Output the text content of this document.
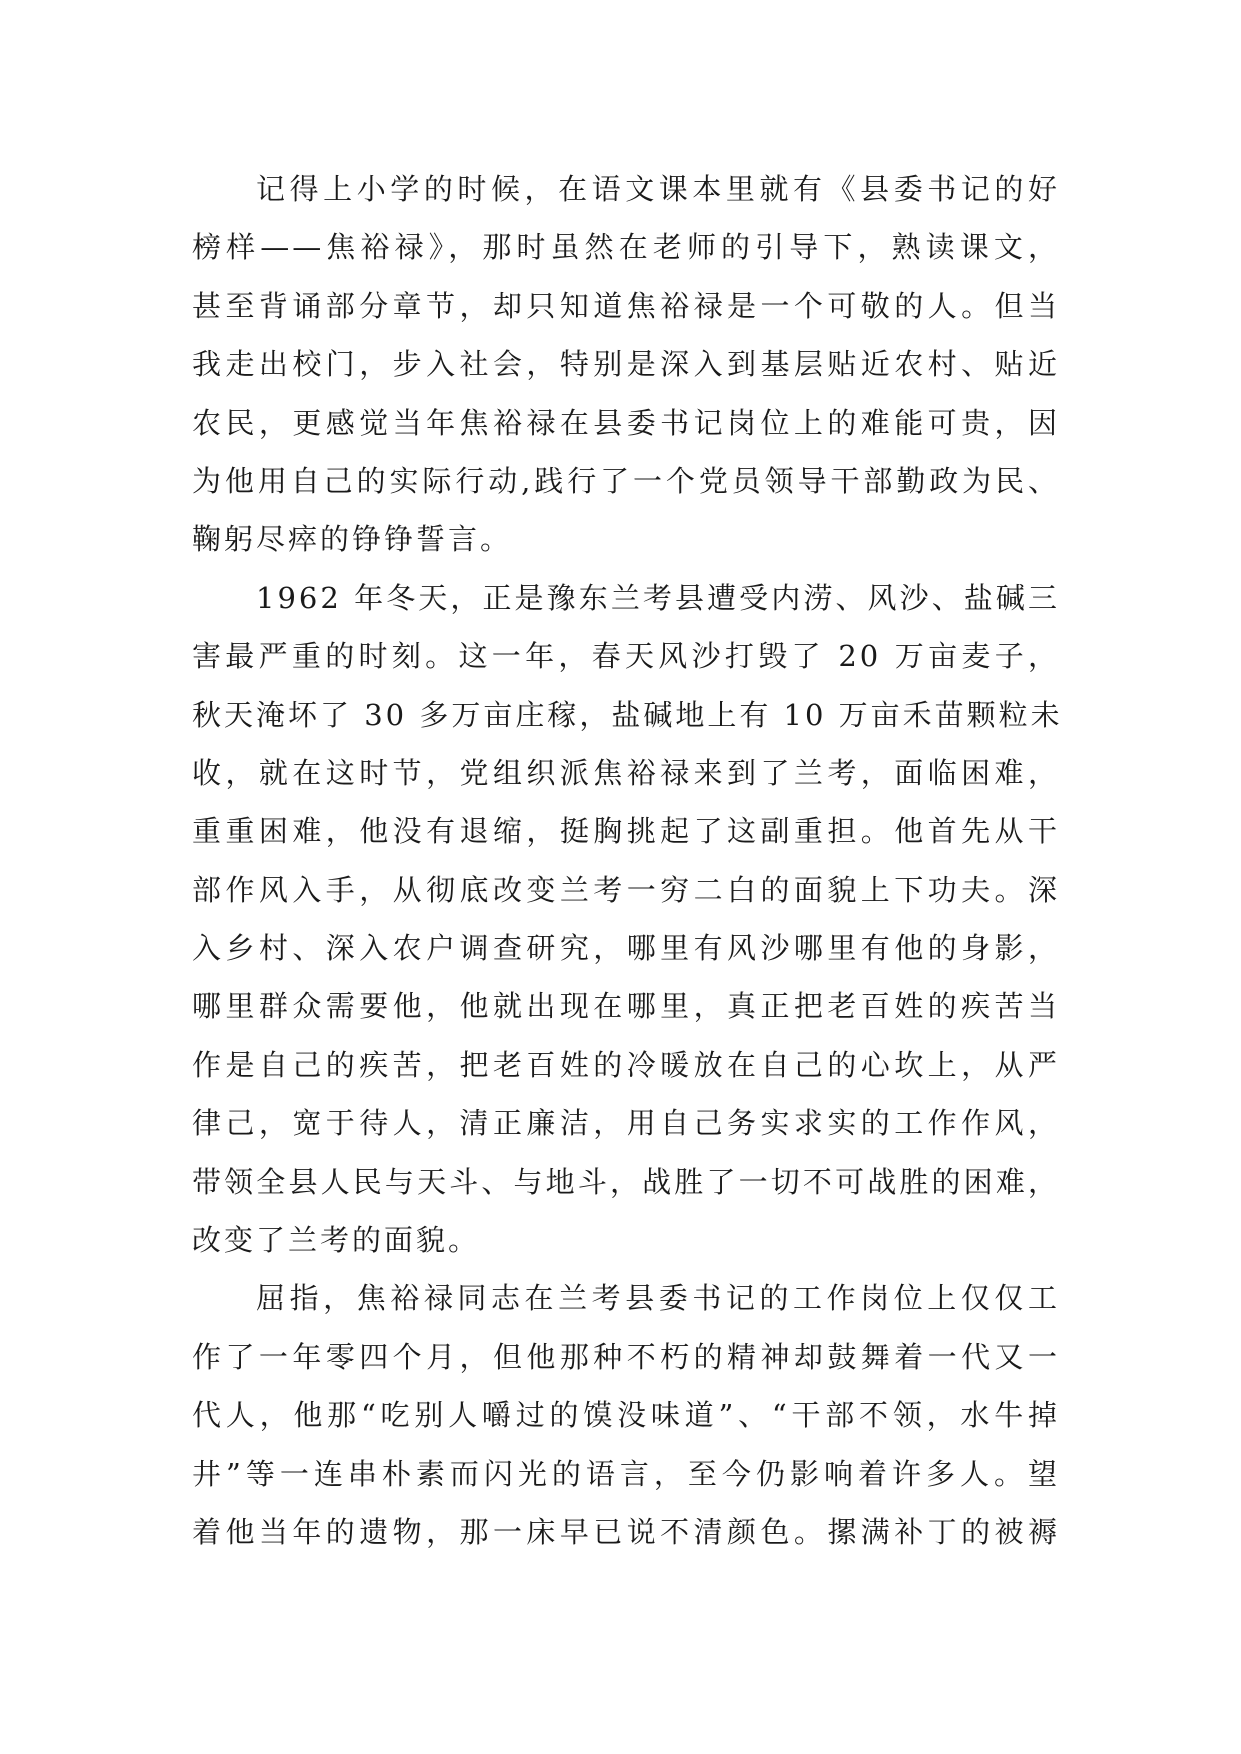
记得上小学的时候，在语文课本里就有《县委书记的好
榜样——焦裕禄》，那时虽然在老师的引导下，熟读课文，
甚至背诵部分章节，却只知道焦裕禄是一个可敬的人。但当
我走出校门，步入社会，特别是深入到基层贴近农村、贴近
农民，更感觉当年焦裕禄在县委书记岗位上的难能可贵，因
为他用自己的实际行动,践行了一个党员领导干部勤政为民、
鞠躬尽瘁的铮铮誓言。
1962 年冬天，正是豫东兰考县遭受内涝、风沙、盐碱三
害最严重的时刻。这一年，春天风沙打毁了 20 万亩麦子，
秋天淹坏了 30 多万亩庄稼，盐碱地上有 10 万亩禾苗颗粒未
收，就在这时节，党组织派焦裕禄来到了兰考，面临困难，
重重困难，他没有退缩，挺胸挑起了这副重担。他首先从干
部作风入手，从彻底改变兰考一穷二白的面貌上下功夫。深
入乡村、深入农户调查研究，哪里有风沙哪里有他的身影，
哪里群众需要他，他就出现在哪里，真正把老百姓的疾苦当
作是自己的疾苦，把老百姓的冷暖放在自己的心坎上，从严
律己，宽于待人，清正廉洁，用自己务实求实的工作作风，
带领全县人民与天斗、与地斗，战胜了一切不可战胜的困难，
改变了兰考的面貌。
屈指，焦裕禄同志在兰考县委书记的工作岗位上仅仅工
作了一年零四个月，但他那种不朽的精神却鼓舞着一代又一
代人，他那“吃别人嚼过的馍没味道”、“干部不领，水牛掉
井”等一连串朴素而闪光的语言，至今仍影响着许多人。望
着他当年的遗物，那一床早已说不清颜色。摞满补丁的被褥
